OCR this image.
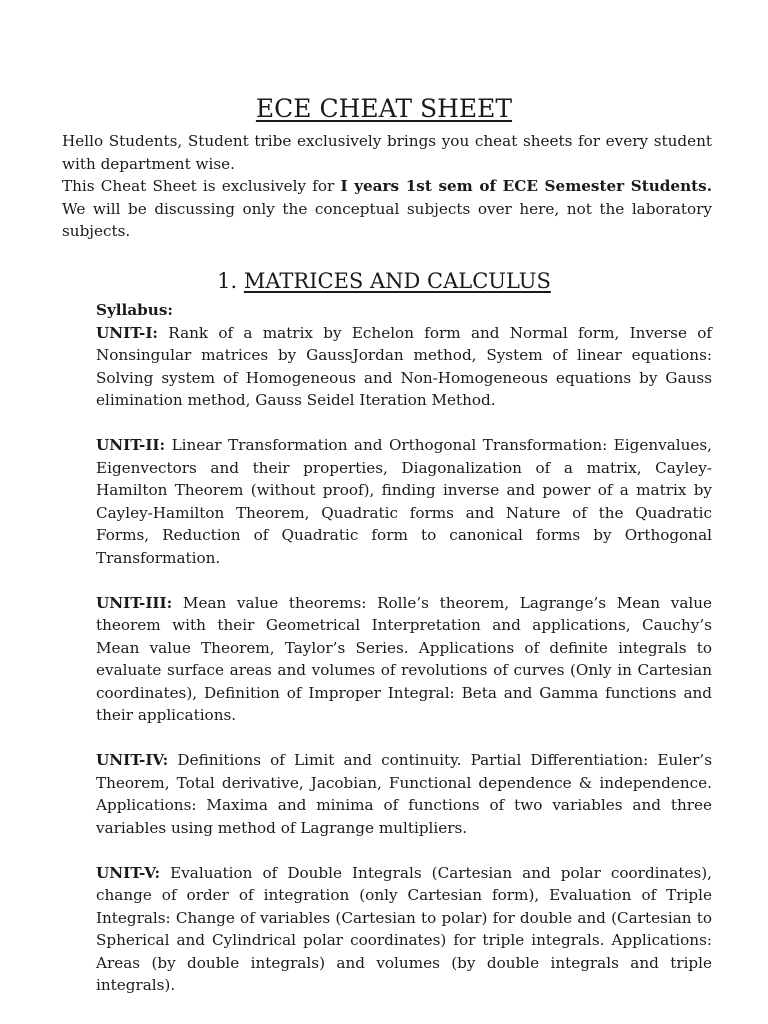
ECE CHEAT SHEET

Hello Students, Student tribe exclusively brings you cheat sheets for every student with department wise.

This Cheat Sheet is exclusively for I years 1st sem of ECE Semester Students. We will be discussing only the conceptual subjects over here, not the laboratory subjects.

1. MATRICES AND CALCULUS
Syllabus:

UNIT-I: Rank of a matrix by Echelon form and Normal form, Inverse of Nonsingular matrices by GaussJordan method, System of linear equations: Solving system of Homogeneous and Non-Homogeneous equations by Gauss elimination method, Gauss Seidel Iteration Method.

UNIT-II: Linear Transformation and Orthogonal Transformation: Eigenvalues, Eigenvectors and their properties, Diagonalization of a matrix, Cayley-Hamilton Theorem (without proof), finding inverse and power of a matrix by Cayley-Hamilton Theorem, Quadratic forms and Nature of the Quadratic Forms, Reduction of Quadratic form to canonical forms by Orthogonal Transformation.

UNIT-III: Mean value theorems: Rolle’s theorem, Lagrange’s Mean value theorem with their Geometrical Interpretation and applications, Cauchy’s Mean value Theorem, Taylor’s Series. Applications of definite integrals to evaluate surface areas and volumes of revolutions of curves (Only in Cartesian coordinates), Definition of Improper Integral: Beta and Gamma functions and their applications.

UNIT-IV: Definitions of Limit and continuity. Partial Differentiation: Euler’s Theorem, Total derivative, Jacobian, Functional dependence & independence. Applications: Maxima and minima of functions of two variables and three variables using method of Lagrange multipliers.

UNIT-V: Evaluation of Double Integrals (Cartesian and polar coordinates), change of order of integration (only Cartesian form), Evaluation of Triple Integrals: Change of variables (Cartesian to polar) for double and (Cartesian to Spherical and Cylindrical polar coordinates) for triple integrals. Applications: Areas (by double integrals) and volumes (by double integrals and triple integrals).
